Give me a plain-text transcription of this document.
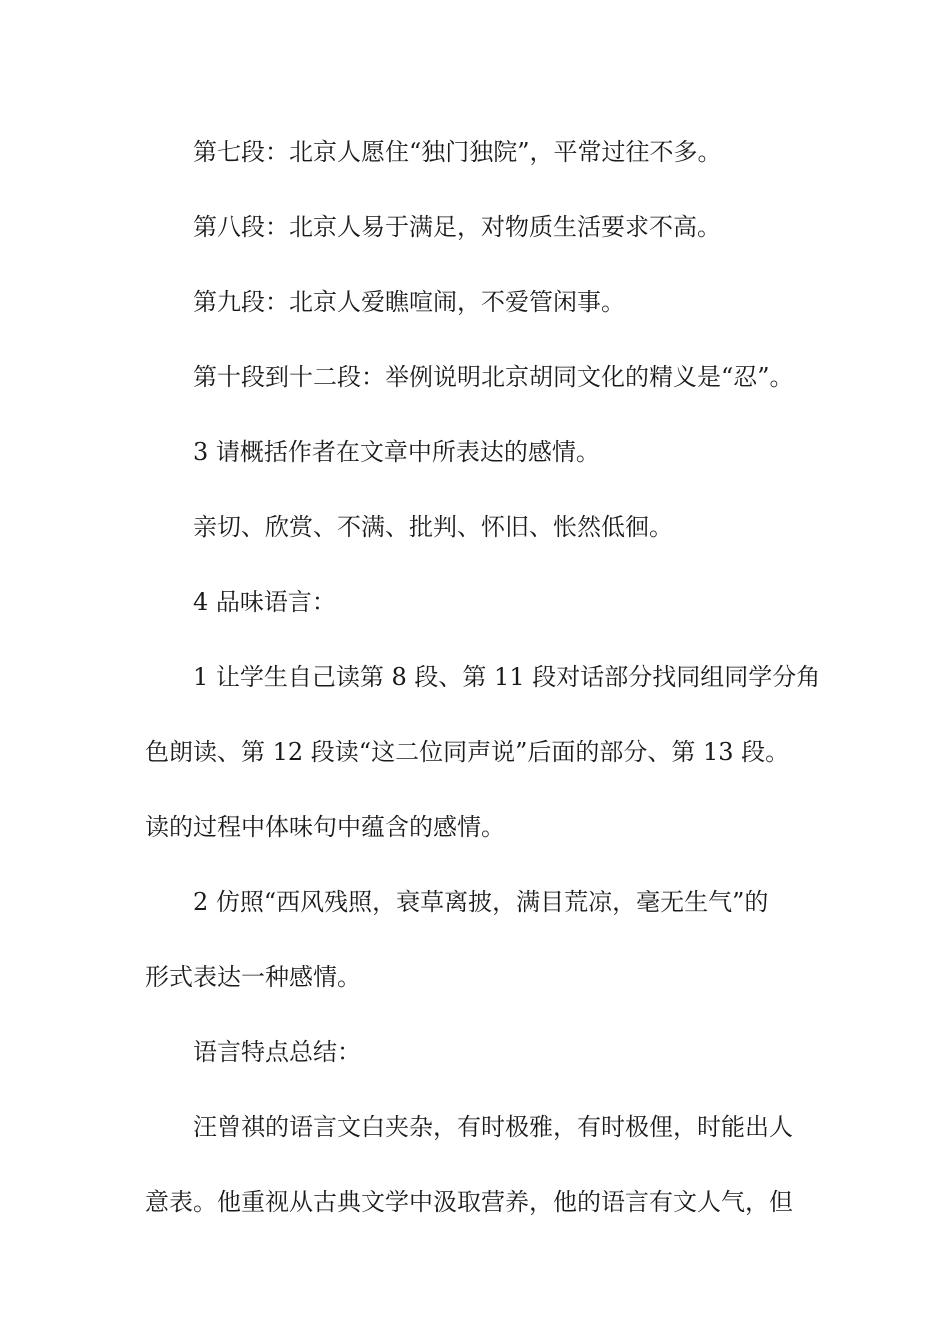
第七段：北京人愿住“独门独院”，平常过往不多。
第八段：北京人易于满足，对物质生活要求不高。
第九段：北京人爱瞧喧闹，不爱管闲事。
第十段到十二段：举例说明北京胡同文化的精义是“忍”。
3 请概括作者在文章中所表达的感情。
亲切、欣赏、不满、批判、怀旧、怅然低徊。
4 品味语言：
1 让学生自己读第 8 段、第 11 段对话部分找同组同学分角
色朗读、第 12 段读“这二位同声说”后面的部分、第 13 段。
读的过程中体味句中蕴含的感情。
2 仿照“西风残照，衰草离披，满目荒凉，毫无生气”的
形式表达一种感情。
语言特点总结：
汪曾祺的语言文白夹杂，有时极雅，有时极俚，时能出人
意表。他重视从古典文学中汲取营养，他的语言有文人气，但
